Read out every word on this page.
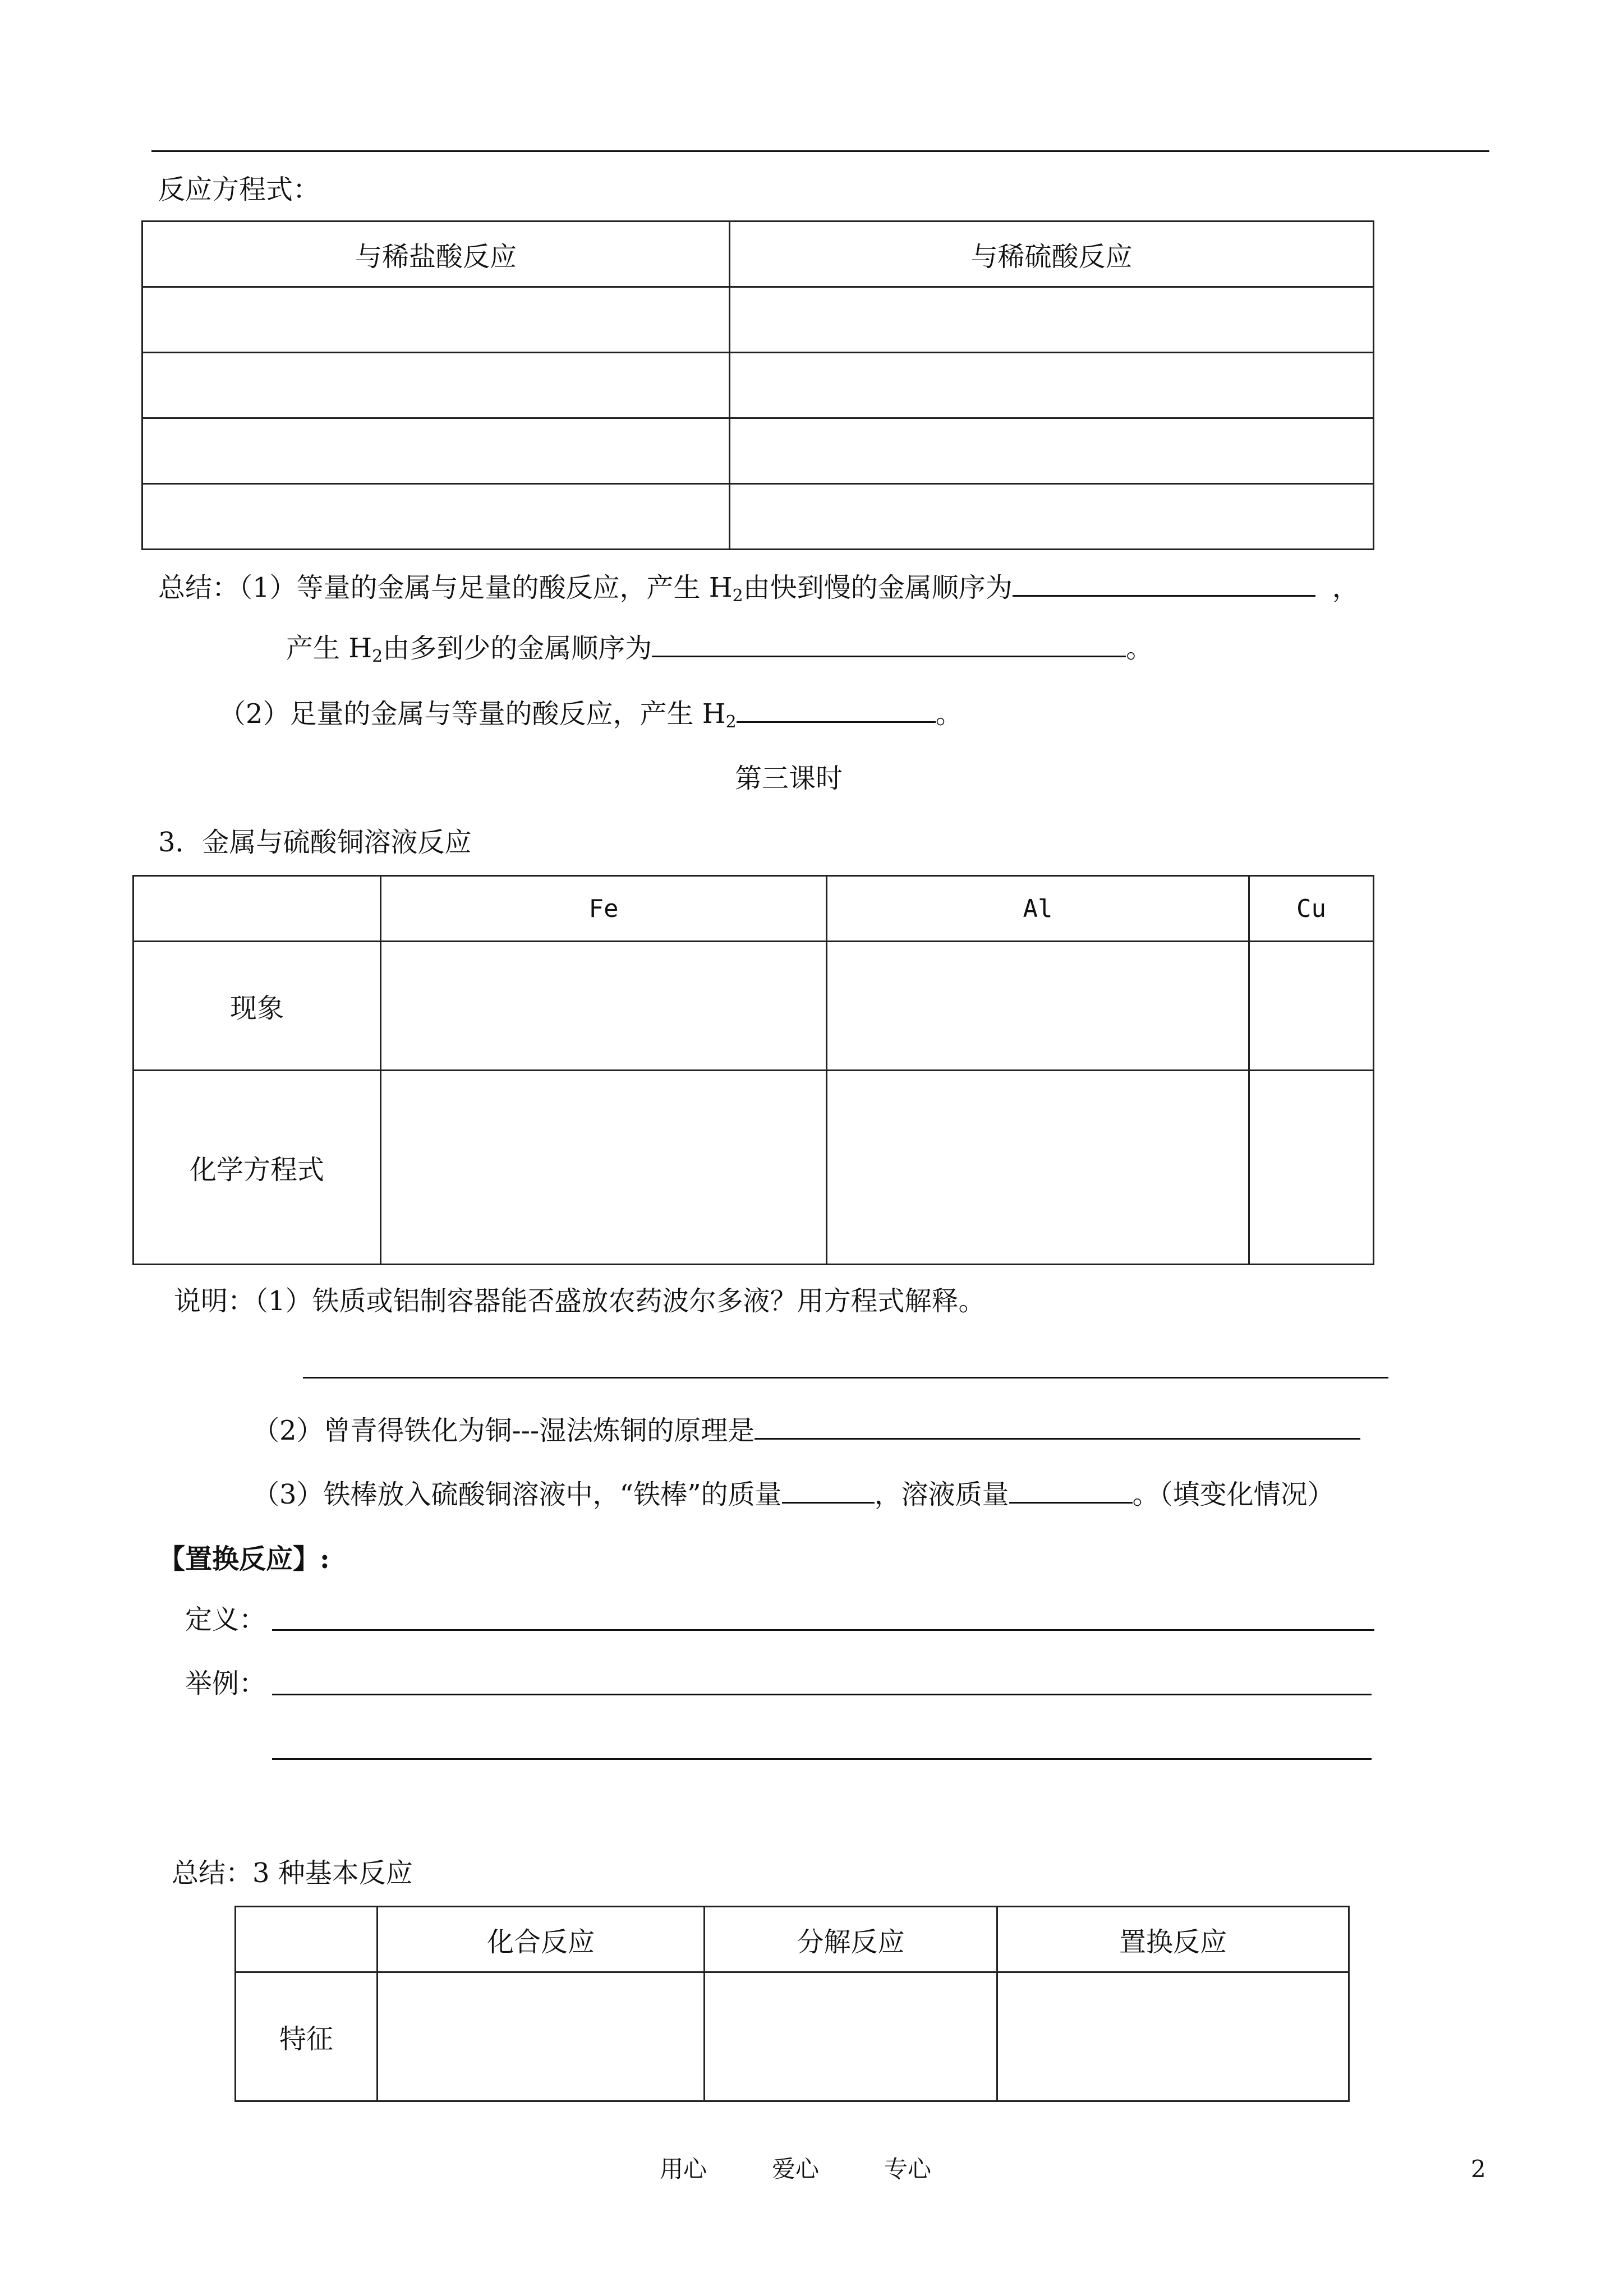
反应方程式：
与稀盐酸反应	与稀硫酸反应

总结：（1）等量的金属与足量的酸反应，产生 $H_2$由快到慢的金属顺序为	，
产生 $H_2$由多到少的金属顺序为	。
（2）足量的金属与等量的酸反应，产生 $H_2$	。
第三课时
3．金属与硫酸铜溶液反应
	Fe	Al	Cu
现象			
化学方程式			
说明：（1）铁质或铝制容器能否盛放农药波尔多液？用方程式解释。
（2）曾青得铁化为铜---湿法炼铜的原理是
（3）铁棒放入硫酸铜溶液中，“铁棒”的质量	，溶液质量	。（填变化情况）
【置换反应】:
定义：
举例：
总结：3 种基本反应
	化合反应	分解反应	置换反应
特征			
用心	爱心	专心	2
